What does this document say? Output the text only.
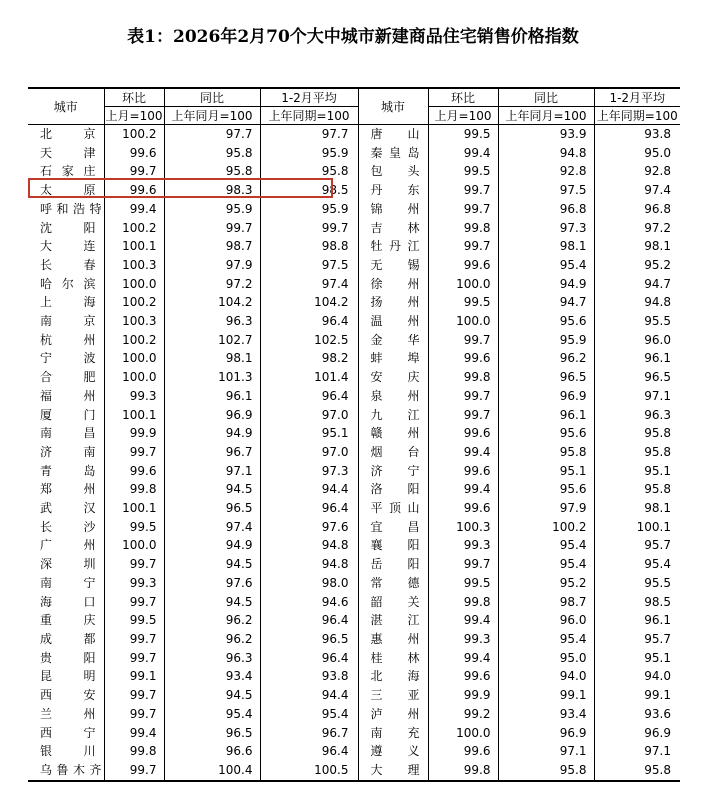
表1：2026年2月70个大中城市新建商品住宅销售价格指数
城市	环比	同比	1-2月平均	城市	环比	同比	1-2月平均
	上月=100	上年同月=100	上年同期=100		上月=100	上年同月=100	上年同期=100
北京	100.2	97.7	97.7	唐山	99.5	93.9	93.8
天津	99.6	95.8	95.9	秦皇岛	99.4	94.8	95.0
石家庄	99.7	95.8	95.8	包头	99.5	92.8	92.8
太原	99.6	98.3	98.5	丹东	99.7	97.5	97.4
呼和浩特	99.4	95.9	95.9	锦州	99.7	96.8	96.8
沈阳	100.2	99.7	99.7	吉林	99.8	97.3	97.2
大连	100.1	98.7	98.8	牡丹江	99.7	98.1	98.1
长春	100.3	97.9	97.5	无锡	99.6	95.4	95.2
哈尔滨	100.0	97.2	97.4	徐州	100.0	94.9	94.7
上海	100.2	104.2	104.2	扬州	99.5	94.7	94.8
南京	100.3	96.3	96.4	温州	100.0	95.6	95.5
杭州	100.2	102.7	102.5	金华	99.7	95.9	96.0
宁波	100.0	98.1	98.2	蚌埠	99.6	96.2	96.1
合肥	100.0	101.3	101.4	安庆	99.8	96.5	96.5
福州	99.3	96.1	96.4	泉州	99.7	96.9	97.1
厦门	100.1	96.9	97.0	九江	99.7	96.1	96.3
南昌	99.9	94.9	95.1	赣州	99.6	95.6	95.8
济南	99.7	96.7	97.0	烟台	99.4	95.8	95.8
青岛	99.6	97.1	97.3	济宁	99.6	95.1	95.1
郑州	99.8	94.5	94.4	洛阳	99.4	95.6	95.8
武汉	100.1	96.5	96.4	平顶山	99.6	97.9	98.1
长沙	99.5	97.4	97.6	宜昌	100.3	100.2	100.1
广州	100.0	94.9	94.8	襄阳	99.3	95.4	95.7
深圳	99.7	94.5	94.8	岳阳	99.7	95.4	95.4
南宁	99.3	97.6	98.0	常德	99.5	95.2	95.5
海口	99.7	94.5	94.6	韶关	99.8	98.7	98.5
重庆	99.5	96.2	96.4	湛江	99.4	96.0	96.1
成都	99.7	96.2	96.5	惠州	99.3	95.4	95.7
贵阳	99.7	96.3	96.4	桂林	99.4	95.0	95.1
昆明	99.1	93.4	93.8	北海	99.6	94.0	94.0
西安	99.7	94.5	94.4	三亚	99.9	99.1	99.1
兰州	99.7	95.4	95.4	泸州	99.2	93.4	93.6
西宁	99.4	96.5	96.7	南充	100.0	96.9	96.9
银川	99.8	96.6	96.4	遵义	99.6	97.1	97.1
乌鲁木齐	99.7	100.4	100.5	大理	99.8	95.8	95.8
